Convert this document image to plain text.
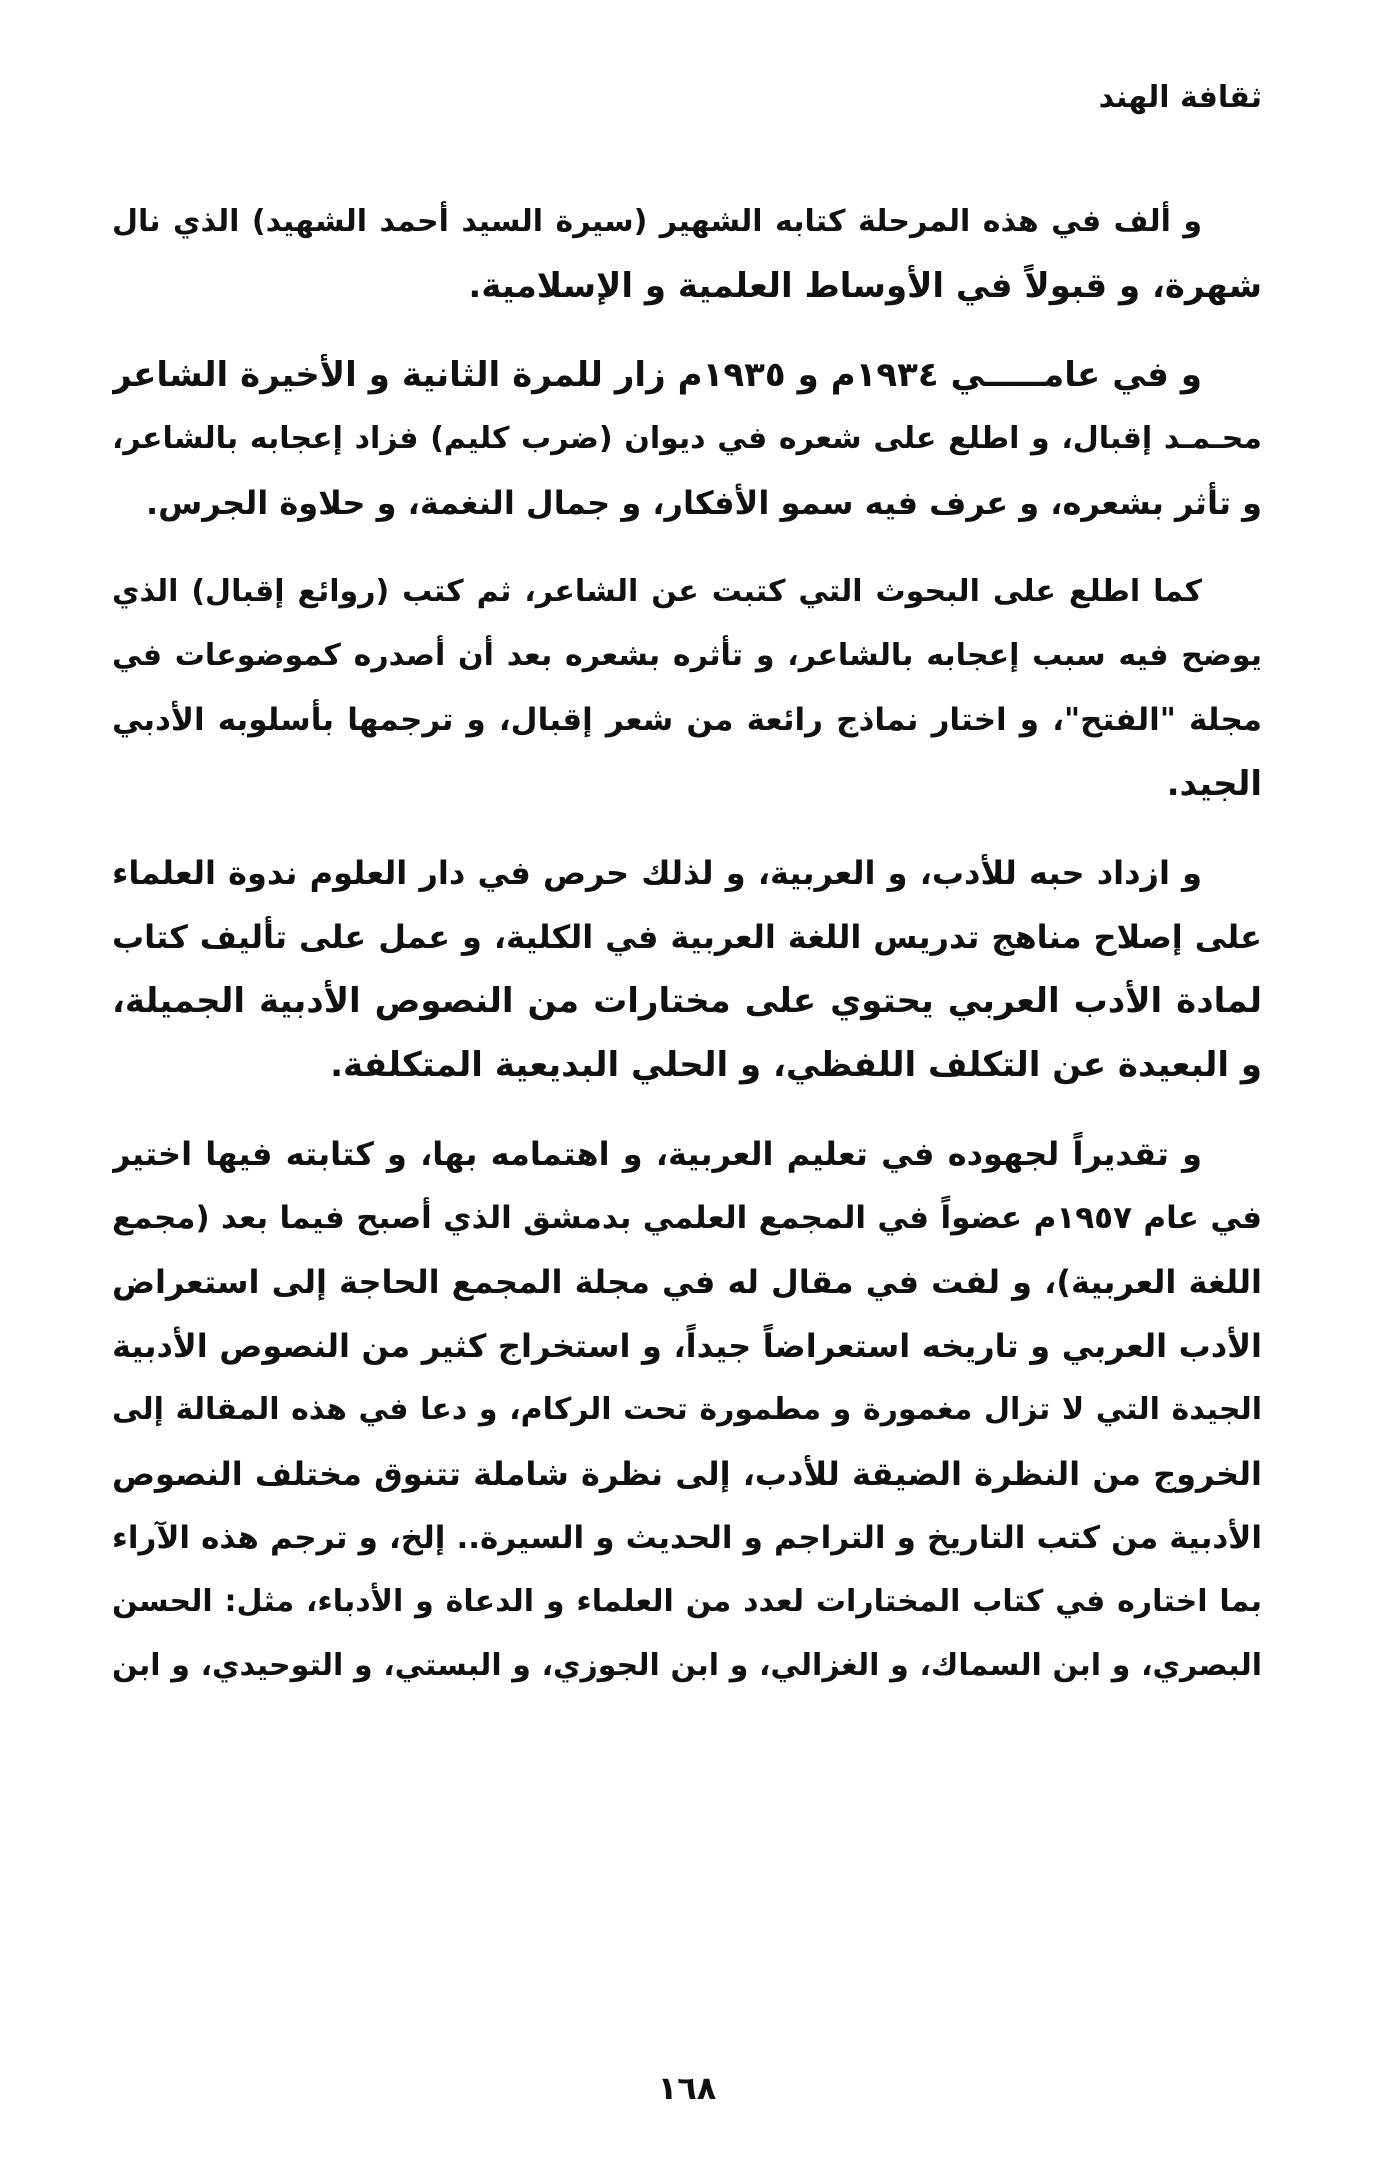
ثقافة الهند
و ألف في هذه المرحلة كتابه الشهير (سيرة السيد أحمد الشهيد) الذي نال
شهرة، و قبولاً في الأوساط العلمية و الإسلامية.
و في عامـــــي ١٩٣٤م و ١٩٣٥م زار للمرة الثانية و الأخيرة الشاعر
محـمـد إقبال، و اطلع على شعره في ديوان (ضرب كليم) فزاد إعجابه بالشاعر،
و تأثر بشعره، و عرف فيه سمو الأفكار، و جمال النغمة، و حلاوة الجرس.
كما اطلع على البحوث التي كتبت عن الشاعر، ثم كتب (روائع إقبال) الذي
يوضح فيه سبب إعجابه بالشاعر، و تأثره بشعره بعد أن أصدره كموضوعات في
مجلة "الفتح"، و اختار نماذج رائعة من شعر إقبال، و ترجمها بأسلوبه الأدبي
الجيد.
و ازداد حبه للأدب، و العربية، و لذلك حرص في دار العلوم ندوة العلماء
على إصلاح مناهج تدريس اللغة العربية في الكلية، و عمل على تأليف كتاب
لمادة الأدب العربي يحتوي على مختارات من النصوص الأدبية الجميلة،
و البعيدة عن التكلف اللفظي، و الحلي البديعية المتكلفة.
و تقديراً لجهوده في تعليم العربية، و اهتمامه بها، و كتابته فيها اختير
في عام ١٩٥٧م عضواً في المجمع العلمي بدمشق الذي أصبح فيما بعد (مجمع
اللغة العربية)، و لفت في مقال له في مجلة المجمع الحاجة إلى استعراض
الأدب العربي و تاريخه استعراضاً جيداً، و استخراج كثير من النصوص الأدبية
الجيدة التي لا تزال مغمورة و مطمورة تحت الركام، و دعا في هذه المقالة إلى
الخروج من النظرة الضيقة للأدب، إلى نظرة شاملة تتنوق مختلف النصوص
الأدبية من كتب التاريخ و التراجم و الحديث و السيرة.. إلخ، و ترجم هذه الآراء
بما اختاره في كتاب المختارات لعدد من العلماء و الدعاة و الأدباء، مثل: الحسن
البصري، و ابن السماك، و الغزالي، و ابن الجوزي، و البستي، و التوحيدي، و ابن
١٦٨
